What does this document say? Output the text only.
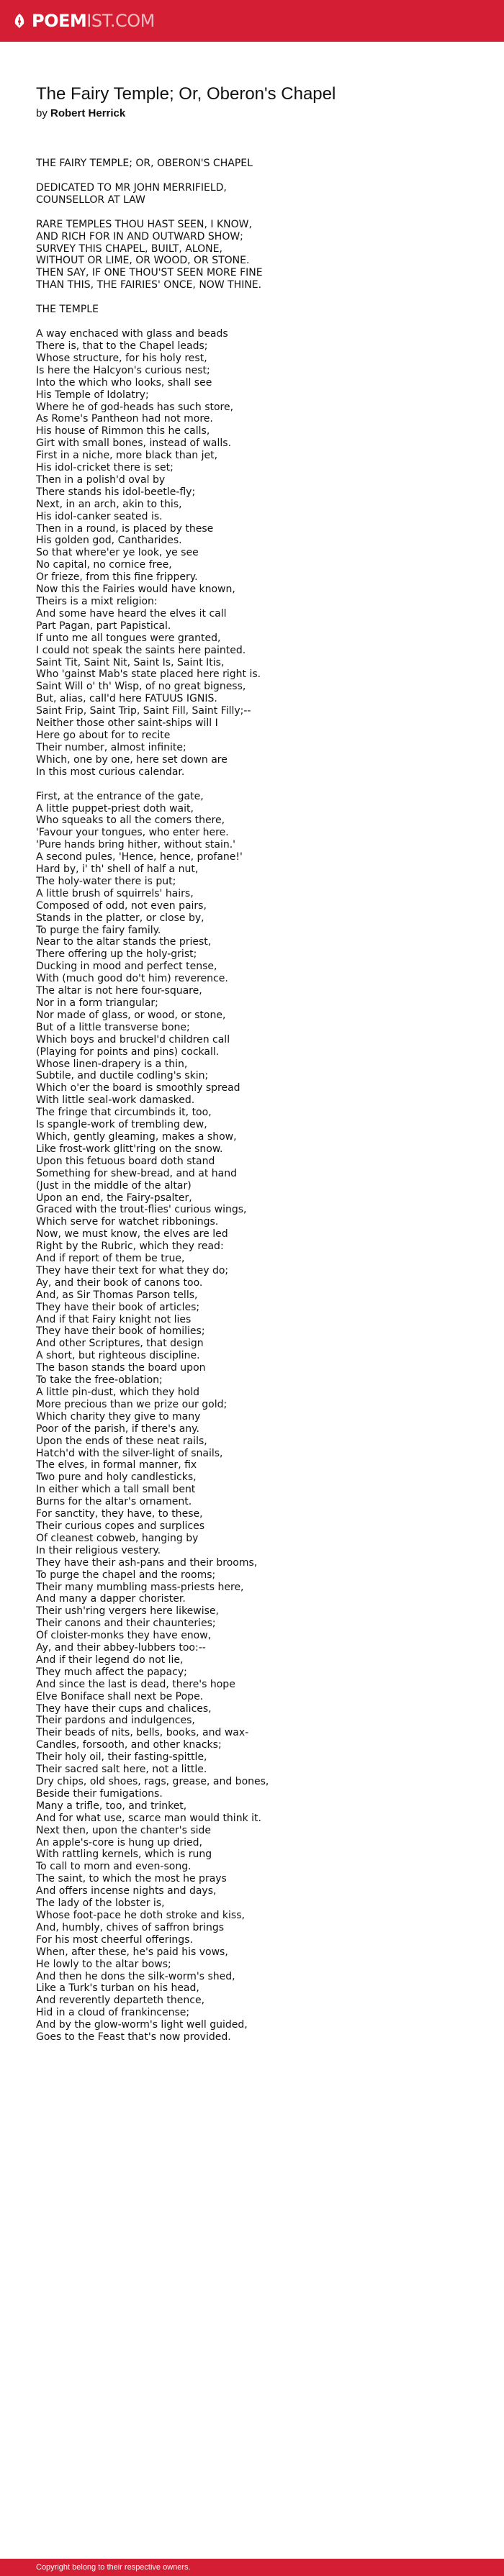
POEMIST.COM
The Fairy Temple; Or, Oberon's Chapel
by Robert Herrick
THE FAIRY TEMPLE; OR, OBERON'S CHAPEL
DEDICATED TO MR JOHN MERRIFIELD,
COUNSELLOR AT LAW
RARE TEMPLES THOU HAST SEEN, I KNOW,
AND RICH FOR IN AND OUTWARD SHOW;
SURVEY THIS CHAPEL, BUILT, ALONE,
WITHOUT OR LIME, OR WOOD, OR STONE.
THEN SAY, IF ONE THOU'ST SEEN MORE FINE
THAN THIS, THE FAIRIES' ONCE, NOW THINE.
THE TEMPLE
A way enchaced with glass and beads
There is, that to the Chapel leads;
Whose structure, for his holy rest,
Is here the Halcyon's curious nest;
Into the which who looks, shall see
His Temple of Idolatry;
Where he of god-heads has such store,
As Rome's Pantheon had not more.
His house of Rimmon this he calls,
Girt with small bones, instead of walls.
First in a niche, more black than jet,
His idol-cricket there is set;
Then in a polish'd oval by
There stands his idol-beetle-fly;
Next, in an arch, akin to this,
His idol-canker seated is.
Then in a round, is placed by these
His golden god, Cantharides.
So that where'er ye look, ye see
No capital, no cornice free,
Or frieze, from this fine frippery.
Now this the Fairies would have known,
Theirs is a mixt religion:
And some have heard the elves it call
Part Pagan, part Papistical.
If unto me all tongues were granted,
I could not speak the saints here painted.
Saint Tit, Saint Nit, Saint Is, Saint Itis,
Who 'gainst Mab's state placed here right is.
Saint Will o' th' Wisp, of no great bigness,
But, alias, call'd here FATUUS IGNIS.
Saint Frip, Saint Trip, Saint Fill, Saint Filly;--
Neither those other saint-ships will I
Here go about for to recite
Their number, almost infinite;
Which, one by one, here set down are
In this most curious calendar.
First, at the entrance of the gate,
A little puppet-priest doth wait,
Who squeaks to all the comers there,
'Favour your tongues, who enter here.
'Pure hands bring hither, without stain.'
A second pules, 'Hence, hence, profane!'
Hard by, i' th' shell of half a nut,
The holy-water there is put;
A little brush of squirrels' hairs,
Composed of odd, not even pairs,
Stands in the platter, or close by,
To purge the fairy family.
Near to the altar stands the priest,
There offering up the holy-grist;
Ducking in mood and perfect tense,
With (much good do't him) reverence.
The altar is not here four-square,
Nor in a form triangular;
Nor made of glass, or wood, or stone,
But of a little transverse bone;
Which boys and bruckel'd children call
(Playing for points and pins) cockall.
Whose linen-drapery is a thin,
Subtile, and ductile codling's skin;
Which o'er the board is smoothly spread
With little seal-work damasked.
The fringe that circumbinds it, too,
Is spangle-work of trembling dew,
Which, gently gleaming, makes a show,
Like frost-work glitt'ring on the snow.
Upon this fetuous board doth stand
Something for shew-bread, and at hand
(Just in the middle of the altar)
Upon an end, the Fairy-psalter,
Graced with the trout-flies' curious wings,
Which serve for watchet ribbonings.
Now, we must know, the elves are led
Right by the Rubric, which they read:
And if report of them be true,
They have their text for what they do;
Ay, and their book of canons too.
And, as Sir Thomas Parson tells,
They have their book of articles;
And if that Fairy knight not lies
They have their book of homilies;
And other Scriptures, that design
A short, but righteous discipline.
The bason stands the board upon
To take the free-oblation;
A little pin-dust, which they hold
More precious than we prize our gold;
Which charity they give to many
Poor of the parish, if there's any.
Upon the ends of these neat rails,
Hatch'd with the silver-light of snails,
The elves, in formal manner, fix
Two pure and holy candlesticks,
In either which a tall small bent
Burns for the altar's ornament.
For sanctity, they have, to these,
Their curious copes and surplices
Of cleanest cobweb, hanging by
In their religious vestery.
They have their ash-pans and their brooms,
To purge the chapel and the rooms;
Their many mumbling mass-priests here,
And many a dapper chorister.
Their ush'ring vergers here likewise,
Their canons and their chaunteries;
Of cloister-monks they have enow,
Ay, and their abbey-lubbers too:--
And if their legend do not lie,
They much affect the papacy;
And since the last is dead, there's hope
Elve Boniface shall next be Pope.
They have their cups and chalices,
Their pardons and indulgences,
Their beads of nits, bells, books, and wax-
Candles, forsooth, and other knacks;
Their holy oil, their fasting-spittle,
Their sacred salt here, not a little.
Dry chips, old shoes, rags, grease, and bones,
Beside their fumigations.
Many a trifle, too, and trinket,
And for what use, scarce man would think it.
Next then, upon the chanter's side
An apple's-core is hung up dried,
With rattling kernels, which is rung
To call to morn and even-song.
The saint, to which the most he prays
And offers incense nights and days,
The lady of the lobster is,
Whose foot-pace he doth stroke and kiss,
And, humbly, chives of saffron brings
For his most cheerful offerings.
When, after these, he's paid his vows,
He lowly to the altar bows;
And then he dons the silk-worm's shed,
Like a Turk's turban on his head,
And reverently departeth thence,
Hid in a cloud of frankincense;
And by the glow-worm's light well guided,
Goes to the Feast that's now provided.
Copyright belong to their respective owners.
